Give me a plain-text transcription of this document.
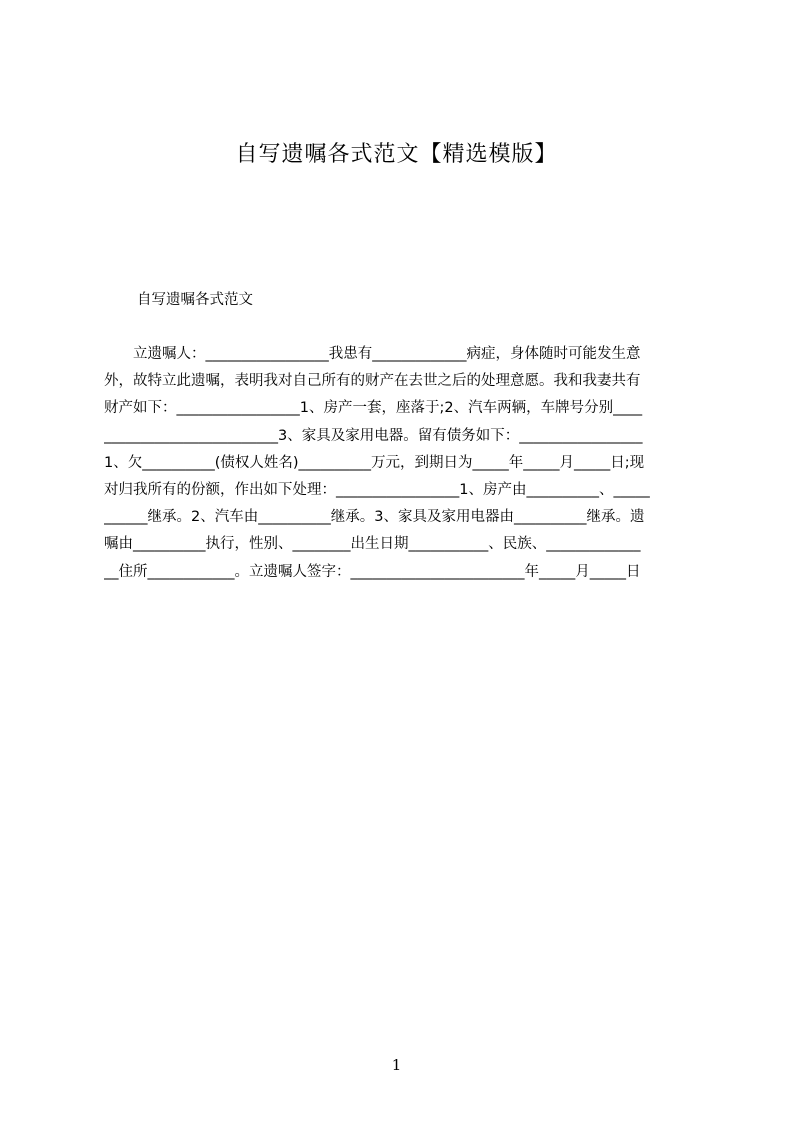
自写遗嘱各式范文【精选模版】
自写遗嘱各式范文
　　立遗嘱人：_________________我患有_____________病症，身体随时可能发生意
外，故特立此遗嘱，表明我对自己所有的财产在去世之后的处理意愿。我和我妻共有
财产如下：_________________1、房产一套，座落于;2、汽车两辆，车牌号分别____
________________________3、家具及家用电器。留有债务如下：_________________
1、欠__________(债权人姓名)__________万元，到期日为_____年_____月_____日;现
对归我所有的份额，作出如下处理：_________________1、房产由__________、_____
______继承。2、汽车由__________继承。3、家具及家用电器由__________继承。遗
嘱由__________执行，性别、________出生日期___________、民族、_____________
__住所____________。立遗嘱人签字：________________________年_____月_____日
1
